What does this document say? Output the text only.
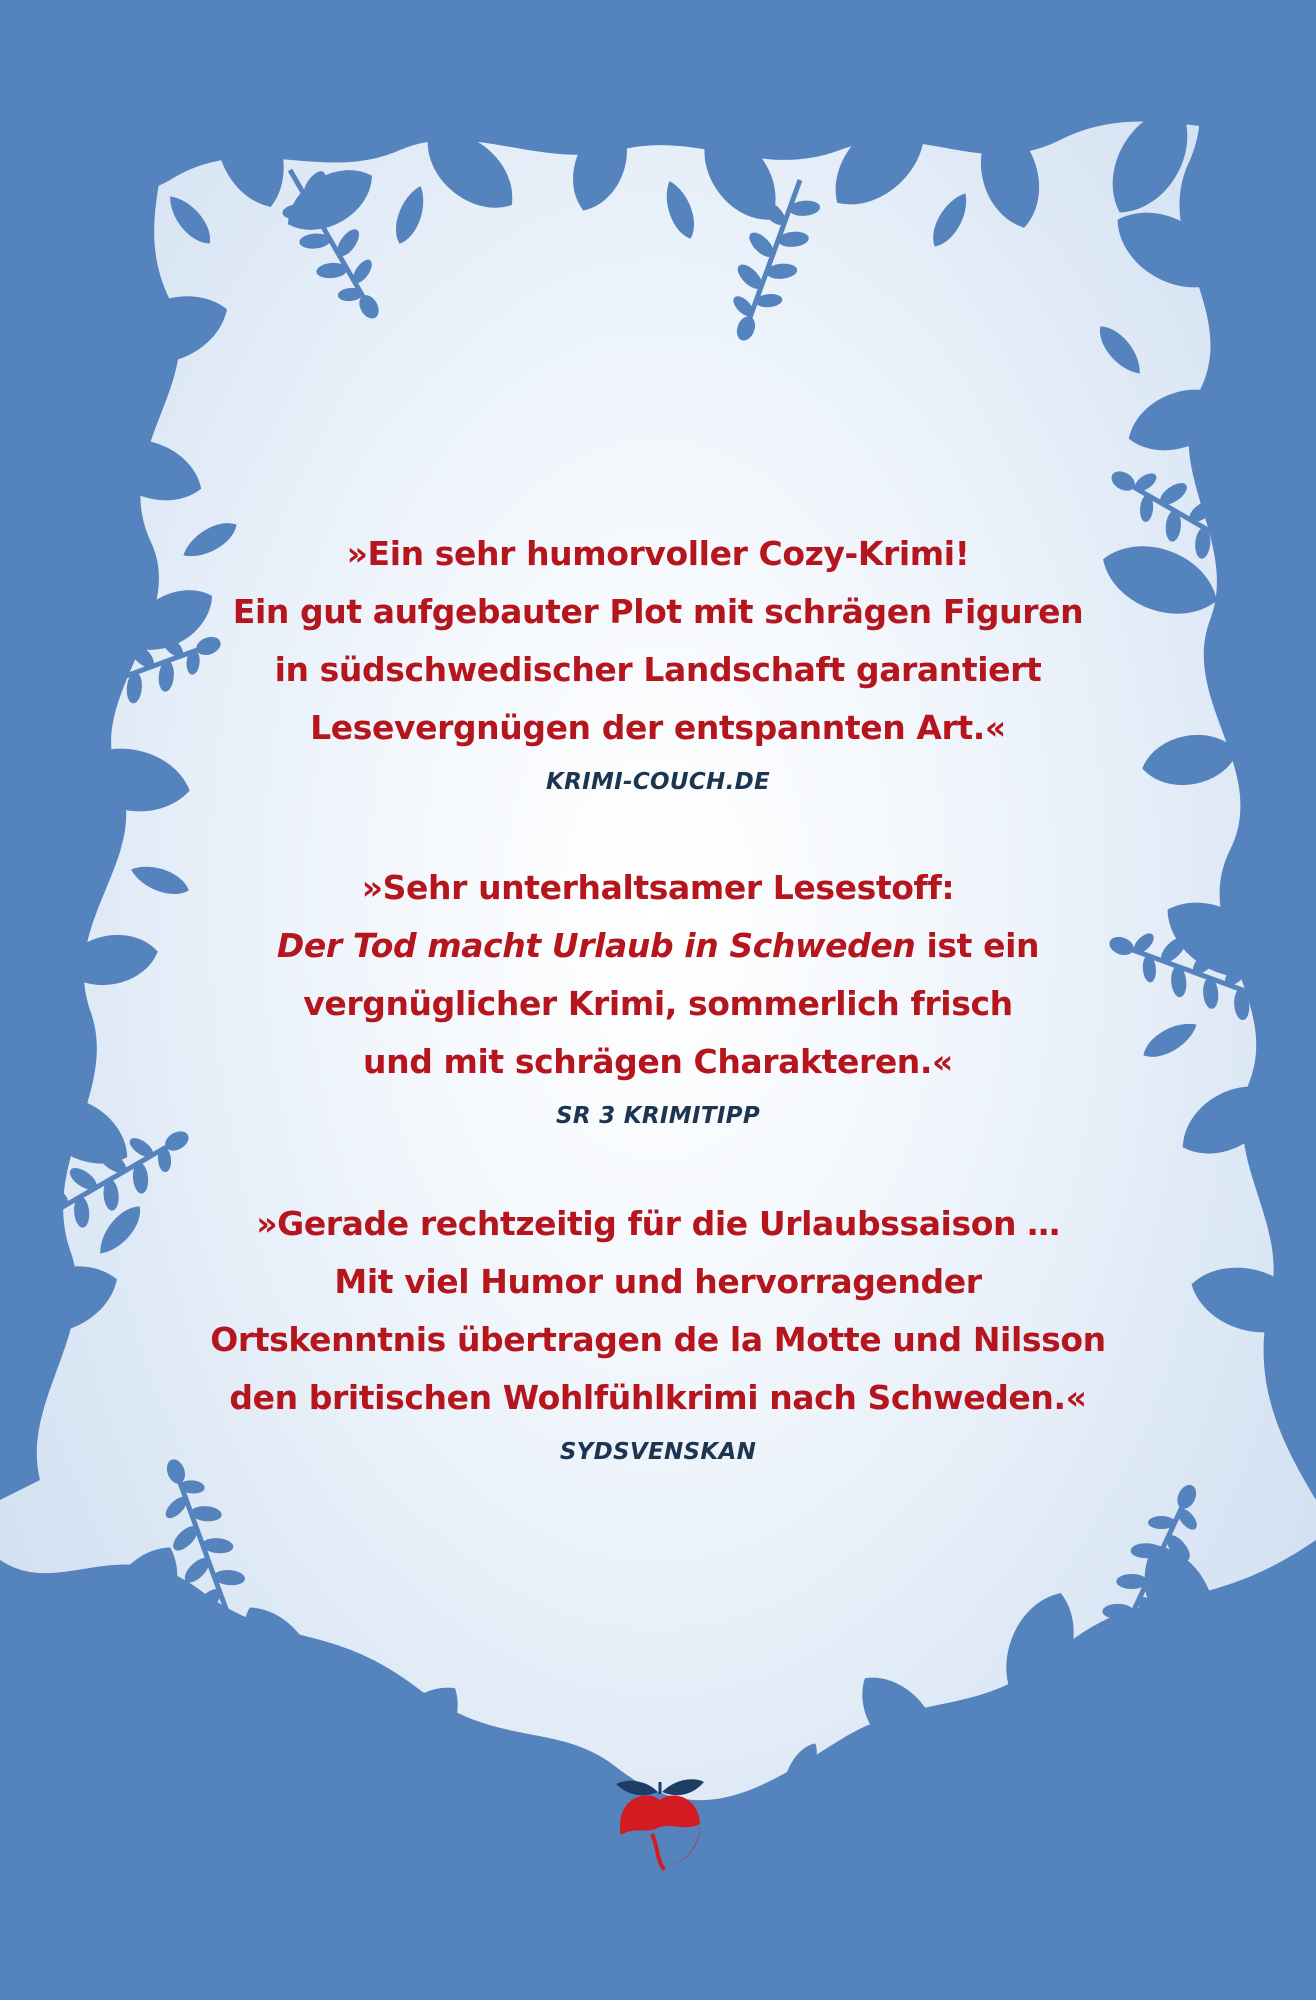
»Ein sehr humorvoller Cozy-Krimi!
Ein gut aufgebauter Plot mit schrägen Figuren
in südschwedischer Landschaft garantiert
Lesevergnügen der entspannten Art.«
KRIMI-COUCH.DE
»Sehr unterhaltsamer Lesestoff:
Der Tod macht Urlaub in Schweden ist ein
vergnüglicher Krimi, sommerlich frisch
und mit schrägen Charakteren.«
SR 3 KRIMITIPP
»Gerade rechtzeitig für die Urlaubssaison …
Mit viel Humor und hervorragender
Ortskenntnis übertragen de la Motte und Nilsson
den britischen Wohlfühlkrimi nach Schweden.«
SYDSVENSKAN
